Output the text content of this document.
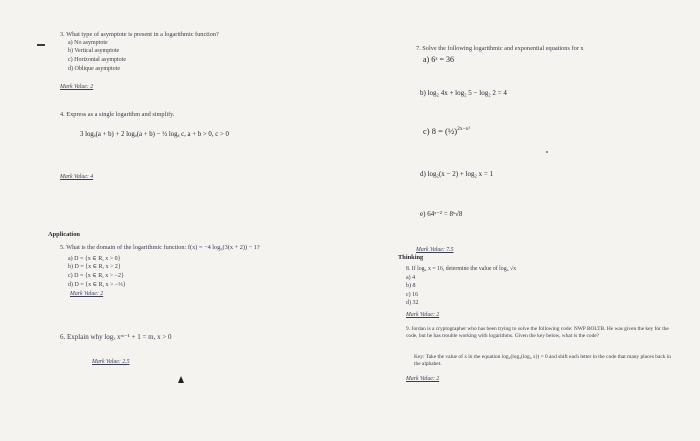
3. What type of asymptote is present in a logarithmic function?
a) No asymptote
b) Vertical asymptote
c) Horizontal asymptote
d) Oblique asymptote
Mark Value: 2
4. Express as a single logarithm and simplify.
3 logₐ(a + b) + 2 logₐ(a + b) − ½ logₐ c, a + b > 0, c > 0
Mark Value: 4
Application
5. What is the domain of the logarithmic function: f(x) = −4 log₃(3(x + 2)) − 1?
a) D = {x ∈ R, x > 0}
b) D = {x ∈ R, x > 2}
c) D = {x ∈ R, x > −2}
d) D = {x ∈ R, x > −⅓}
Mark Value: 2
6. Explain why logₓ xᵐ⁻¹ + 1 = m, x > 0
Mark Value: 2.5
7. Solve the following logarithmic and exponential equations for x
a) 6ˣ = 36
b) log₂ 4x + log₂ 5 − log₂ 2 = 4
c) 8 = (½)$^{2x-x^2}$
d) log₂(x − 2) + log₂ x = 1
e) 64ˣ⁻² = 8ˣ√8
Mark Value: 7.5
Thinking
8. If log₄ x = 16, determine the value of log₄ √x
a) 4
b) 8
c) 16
d) 32
Mark Value: 2
9. Jordan is a cryptographer who has been trying to solve the following code: NWP BOLTB. He was given the key for the code, but he has trouble working with logarithms. Given the key below, what is the code?
Key: Take the value of x in the equation log₂(log₃(log₄ x)) = 0 and shift each letter in the code that many places back in the alphabet.
Mark Value: 2
